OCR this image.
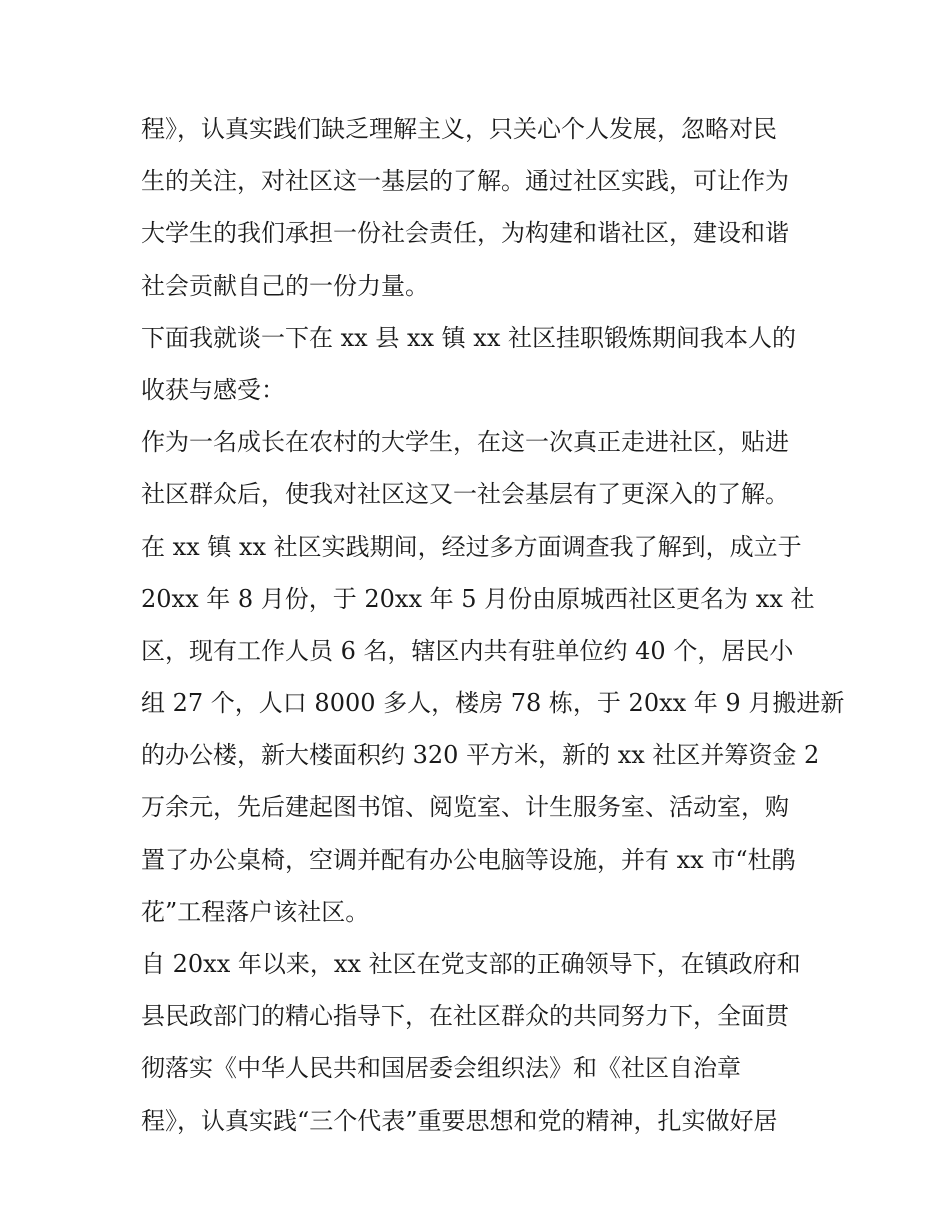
程》，认真实践们缺乏理解主义，只关心个人发展，忽略对民
生的关注，对社区这一基层的了解。通过社区实践，可让作为
大学生的我们承担一份社会责任，为构建和谐社区，建设和谐
社会贡献自己的一份力量。
下面我就谈一下在 xx 县 xx 镇 xx 社区挂职锻炼期间我本人的
收获与感受：
作为一名成长在农村的大学生，在这一次真正走进社区，贴进
社区群众后，使我对社区这又一社会基层有了更深入的了解。
在 xx 镇 xx 社区实践期间，经过多方面调查我了解到，成立于
20xx 年 8 月份，于 20xx 年 5 月份由原城西社区更名为 xx 社
区，现有工作人员 6 名，辖区内共有驻单位约 40 个，居民小
组 27 个，人口 8000 多人，楼房 78 栋，于 20xx 年 9 月搬进新
的办公楼，新大楼面积约 320 平方米，新的 xx 社区并筹资金 2
万余元，先后建起图书馆、阅览室、计生服务室、活动室，购
置了办公桌椅，空调并配有办公电脑等设施，并有 xx 市“杜鹃
花”工程落户该社区。
自 20xx 年以来，xx 社区在党支部的正确领导下，在镇政府和
县民政部门的精心指导下，在社区群众的共同努力下，全面贯
彻落实《中华人民共和国居委会组织法》和《社区自治章
程》，认真实践“三个代表”重要思想和党的精神，扎实做好居
